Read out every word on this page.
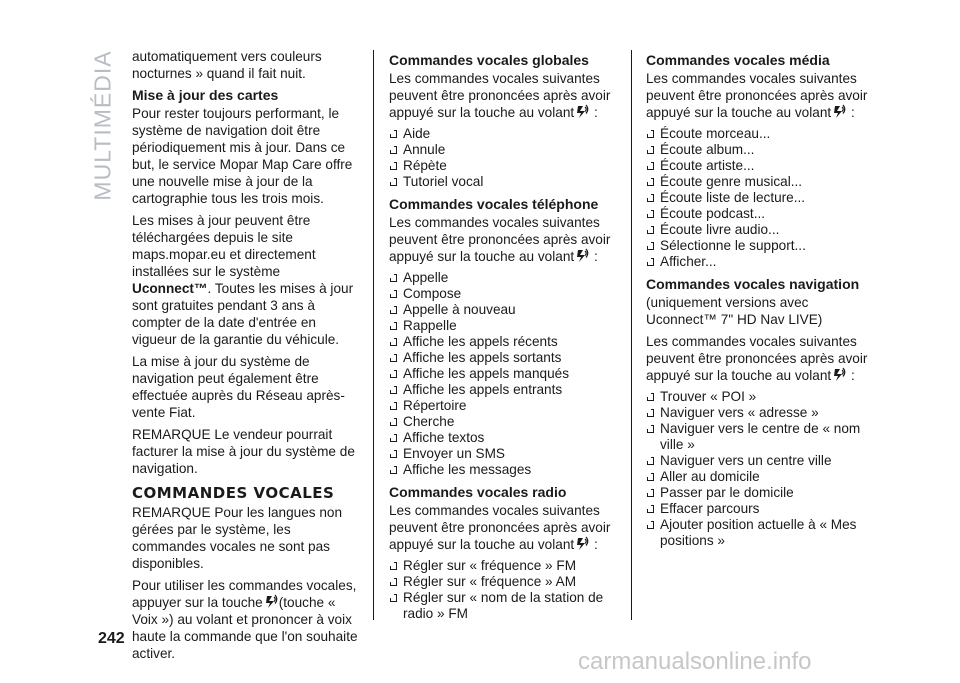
MULTIMÉDIA automatiquement vers couleurs nocturnes » quand il fait nuit.

Mise à jour des cartes

Pour rester toujours performant, le système de navigation doit être périodiquement mis à jour. Dans ce but, le service Mopar Map Care offre une nouvelle mise à jour de la cartographie tous les trois mois.

Les mises à jour peuvent être téléchargées depuis le site maps.mopar.eu et directement installées sur le système Uconnect™. Toutes les mises à jour sont gratuites pendant 3 ans à compter de la date d'entrée en vigueur de la garantie du véhicule.

La mise à jour du système de navigation peut également être effectuée auprès du Réseau après-vente Fiat.

REMARQUE Le vendeur pourrait facturer la mise à jour du système de navigation.

COMMANDES VOCALES

REMARQUE Pour les langues non gérées par le système, les commandes vocales ne sont pas disponibles.

Pour utiliser les commandes vocales, appuyer sur la touche (touche « Voix ») au volant et prononcer à voix haute la commande que l'on souhaite activer.

Commandes vocales globales

Les commandes vocales suivantes peuvent être prononcées après avoir appuyé sur la touche au volant :

Aide
Annule
Répète
Tutoriel vocal
Commandes vocales téléphone

Les commandes vocales suivantes peuvent être prononcées après avoir appuyé sur la touche au volant :

Appelle
Compose
Appelle à nouveau
Rappelle
Affiche les appels récents
Affiche les appels sortants
Affiche les appels manqués
Affiche les appels entrants
Répertoire
Cherche
Affiche textos
Envoyer un SMS
Affiche les messages
Commandes vocales radio

Les commandes vocales suivantes peuvent être prononcées après avoir appuyé sur la touche au volant :

Régler sur « fréquence » FM
Régler sur « fréquence » AM
Régler sur « nom de la station de radio » FM
Commandes vocales média

Les commandes vocales suivantes peuvent être prononcées après avoir appuyé sur la touche au volant :

Écoute morceau...
Écoute album...
Écoute artiste...
Écoute genre musical...
Écoute liste de lecture...
Écoute podcast...
Écoute livre audio...
Sélectionne le support...
Afficher...
Commandes vocales navigation

(uniquement versions avec Uconnect™ 7" HD Nav LIVE)

Les commandes vocales suivantes peuvent être prononcées après avoir appuyé sur la touche au volant :

Trouver « POI »
Naviguer vers « adresse »
Naviguer vers le centre de « nom ville »
Naviguer vers un centre ville
Aller au domicile
Passer par le domicile
Effacer parcours
Ajouter position actuelle à « Mes positions »
242
carmanualsonline.info
